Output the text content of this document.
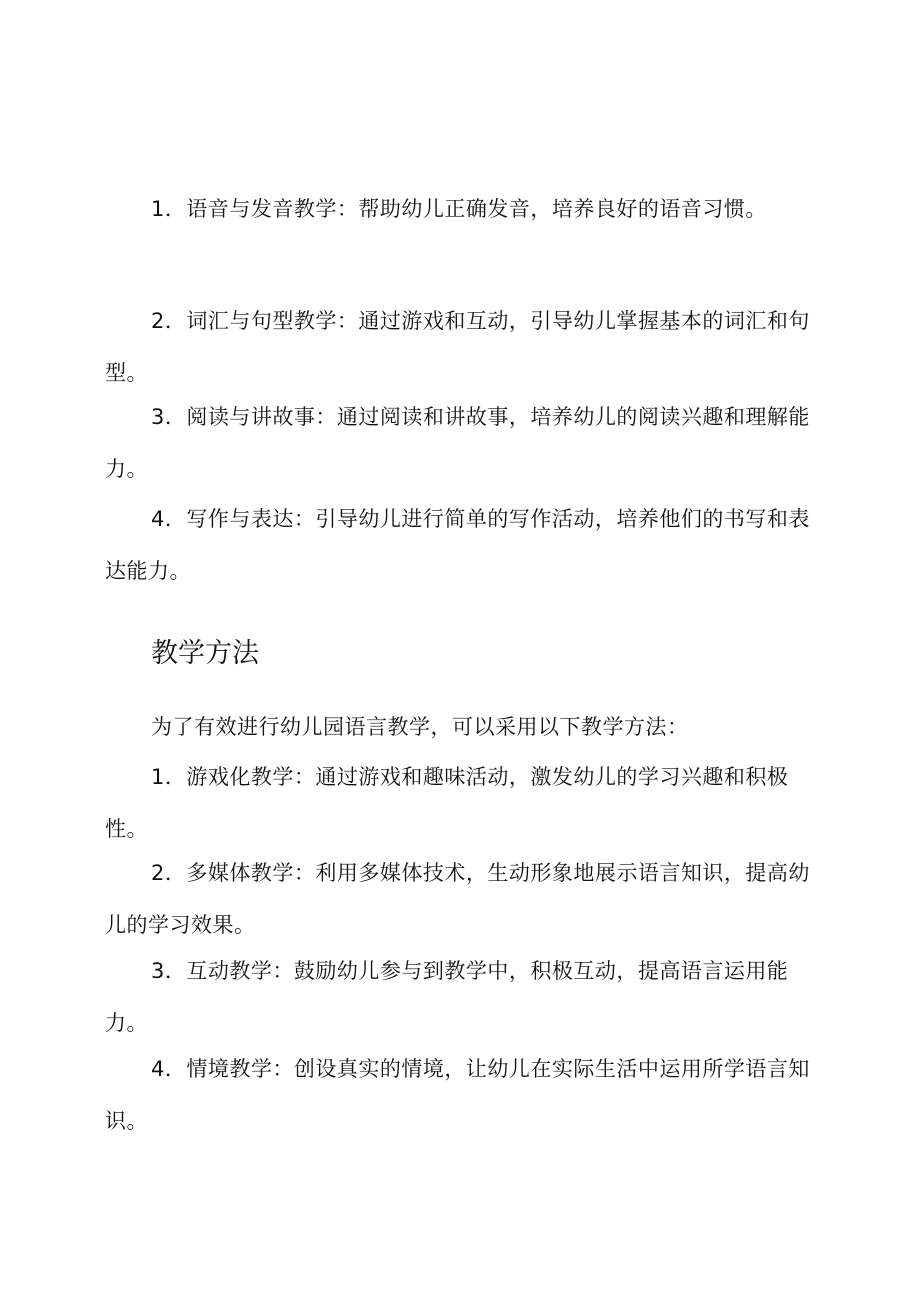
1．语音与发音教学：帮助幼儿正确发音，培养良好的语音习惯。

2．词汇与句型教学：通过游戏和互动，引导幼儿掌握基本的词汇和句型。

3．阅读与讲故事：通过阅读和讲故事，培养幼儿的阅读兴趣和理解能力。

4．写作与表达：引导幼儿进行简单的写作活动，培养他们的书写和表达能力。

教学方法

为了有效进行幼儿园语言教学，可以采用以下教学方法：

1．游戏化教学：通过游戏和趣味活动，激发幼儿的学习兴趣和积极性。

2．多媒体教学：利用多媒体技术，生动形象地展示语言知识，提高幼儿的学习效果。

3．互动教学：鼓励幼儿参与到教学中，积极互动，提高语言运用能力。

4．情境教学：创设真实的情境，让幼儿在实际生活中运用所学语言知识。
